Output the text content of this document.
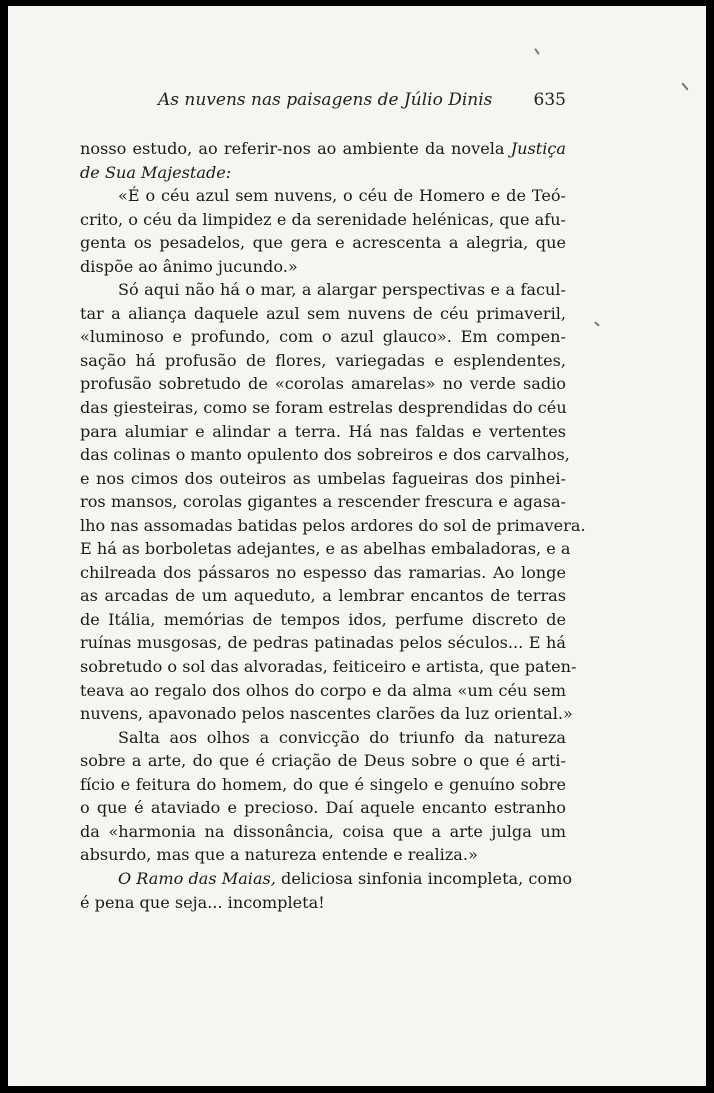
As nuvens nas paisagens de Júlio Dinis 635
nosso estudo, ao referir-nos ao ambiente da novela Justiça
de Sua Majestade:
«É o céu azul sem nuvens, o céu de Homero e de Teó-
crito, o céu da limpidez e da serenidade helénicas, que afu-
genta os pesadelos, que gera e acrescenta a alegria, que
dispõe ao ânimo jucundo.»
Só aqui não há o mar, a alargar perspectivas e a facul-
tar a aliança daquele azul sem nuvens de céu primaveril,
«luminoso e profundo, com o azul glauco». Em compen-
sação há profusão de flores, variegadas e esplendentes,
profusão sobretudo de «corolas amarelas» no verde sadio
das giesteiras, como se foram estrelas desprendidas do céu
para alumiar e alindar a terra. Há nas faldas e vertentes
das colinas o manto opulento dos sobreiros e dos carvalhos,
e nos cimos dos outeiros as umbelas fagueiras dos pinhei-
ros mansos, corolas gigantes a rescender frescura e agasa-
lho nas assomadas batidas pelos ardores do sol de primavera.
E há as borboletas adejantes, e as abelhas embaladoras, e a
chilreada dos pássaros no espesso das ramarias. Ao longe
as arcadas de um aqueduto, a lembrar encantos de terras
de Itália, memórias de tempos idos, perfume discreto de
ruínas musgosas, de pedras patinadas pelos séculos... E há
sobretudo o sol das alvoradas, feiticeiro e artista, que paten-
teava ao regalo dos olhos do corpo e da alma «um céu sem
nuvens, apavonado pelos nascentes clarões da luz oriental.»
Salta aos olhos a convicção do triunfo da natureza
sobre a arte, do que é criação de Deus sobre o que é arti-
fício e feitura do homem, do que é singelo e genuíno sobre
o que é ataviado e precioso. Daí aquele encanto estranho
da «harmonia na dissonância, coisa que a arte julga um
absurdo, mas que a natureza entende e realiza.»
O Ramo das Maias, deliciosa sinfonia incompleta, como
é pena que seja... incompleta!
